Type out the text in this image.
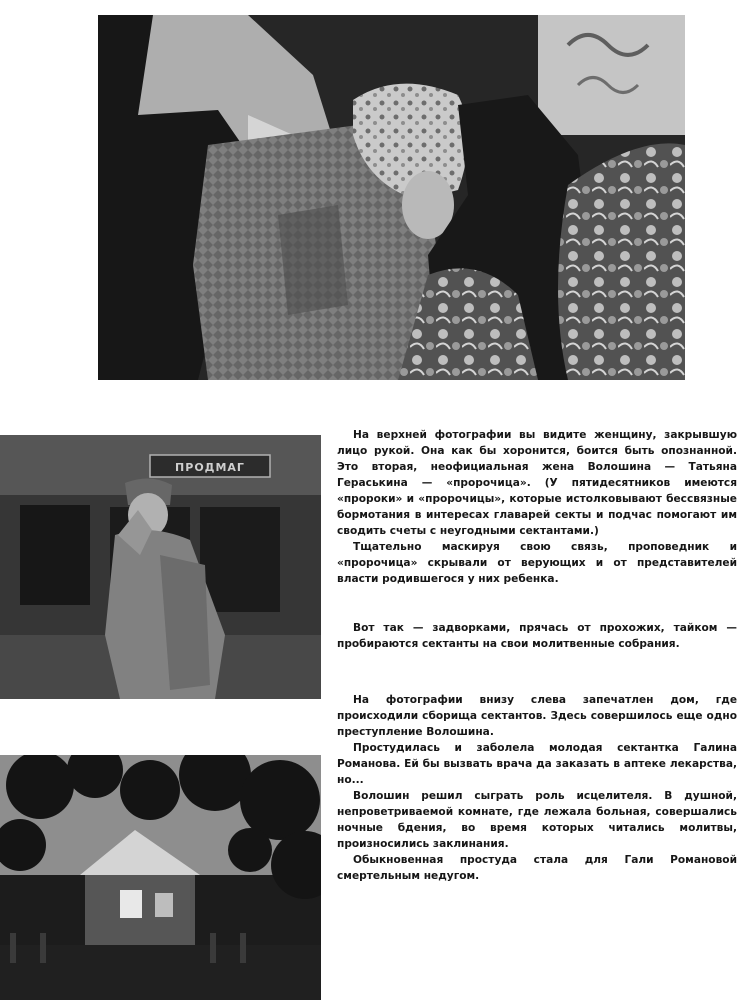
ПРОДМАГ

На верхней фотографии вы видите женщину, закрывшую лицо рукой. Она как бы хоронится, боится быть опознанной. Это вторая, неофициальная жена Волошина — Татьяна Гераськина — «пророчица». (У пятидесятников имеются «пророки» и «пророчицы», которые истолковывают бессвязные бормотания в интересах главарей секты и подчас помогают им сводить счеты с неугодными сектантами.)

Тщательно маскируя свою связь, проповедник и «пророчица» скрывали от верующих и от представителей власти родившегося у них ребенка.

Вот так — задворками, прячась от прохожих, тайком — пробираются сектанты на свои молитвенные собрания.

На фотографии внизу слева запечатлен дом, где происходили сборища сектантов. Здесь совершилось еще одно преступление Волошина.

Простудилась и заболела молодая сектантка Галина Романова. Ей бы вызвать врача да заказать в аптеке лекарства, но...

Волошин решил сыграть роль исцелителя. В душной, непроветриваемой комнате, где лежала больная, совершались ночные бдения, во время которых читались молитвы, произносились заклинания.

Обыкновенная простуда стала для Гали Романовой смертельным недугом.
